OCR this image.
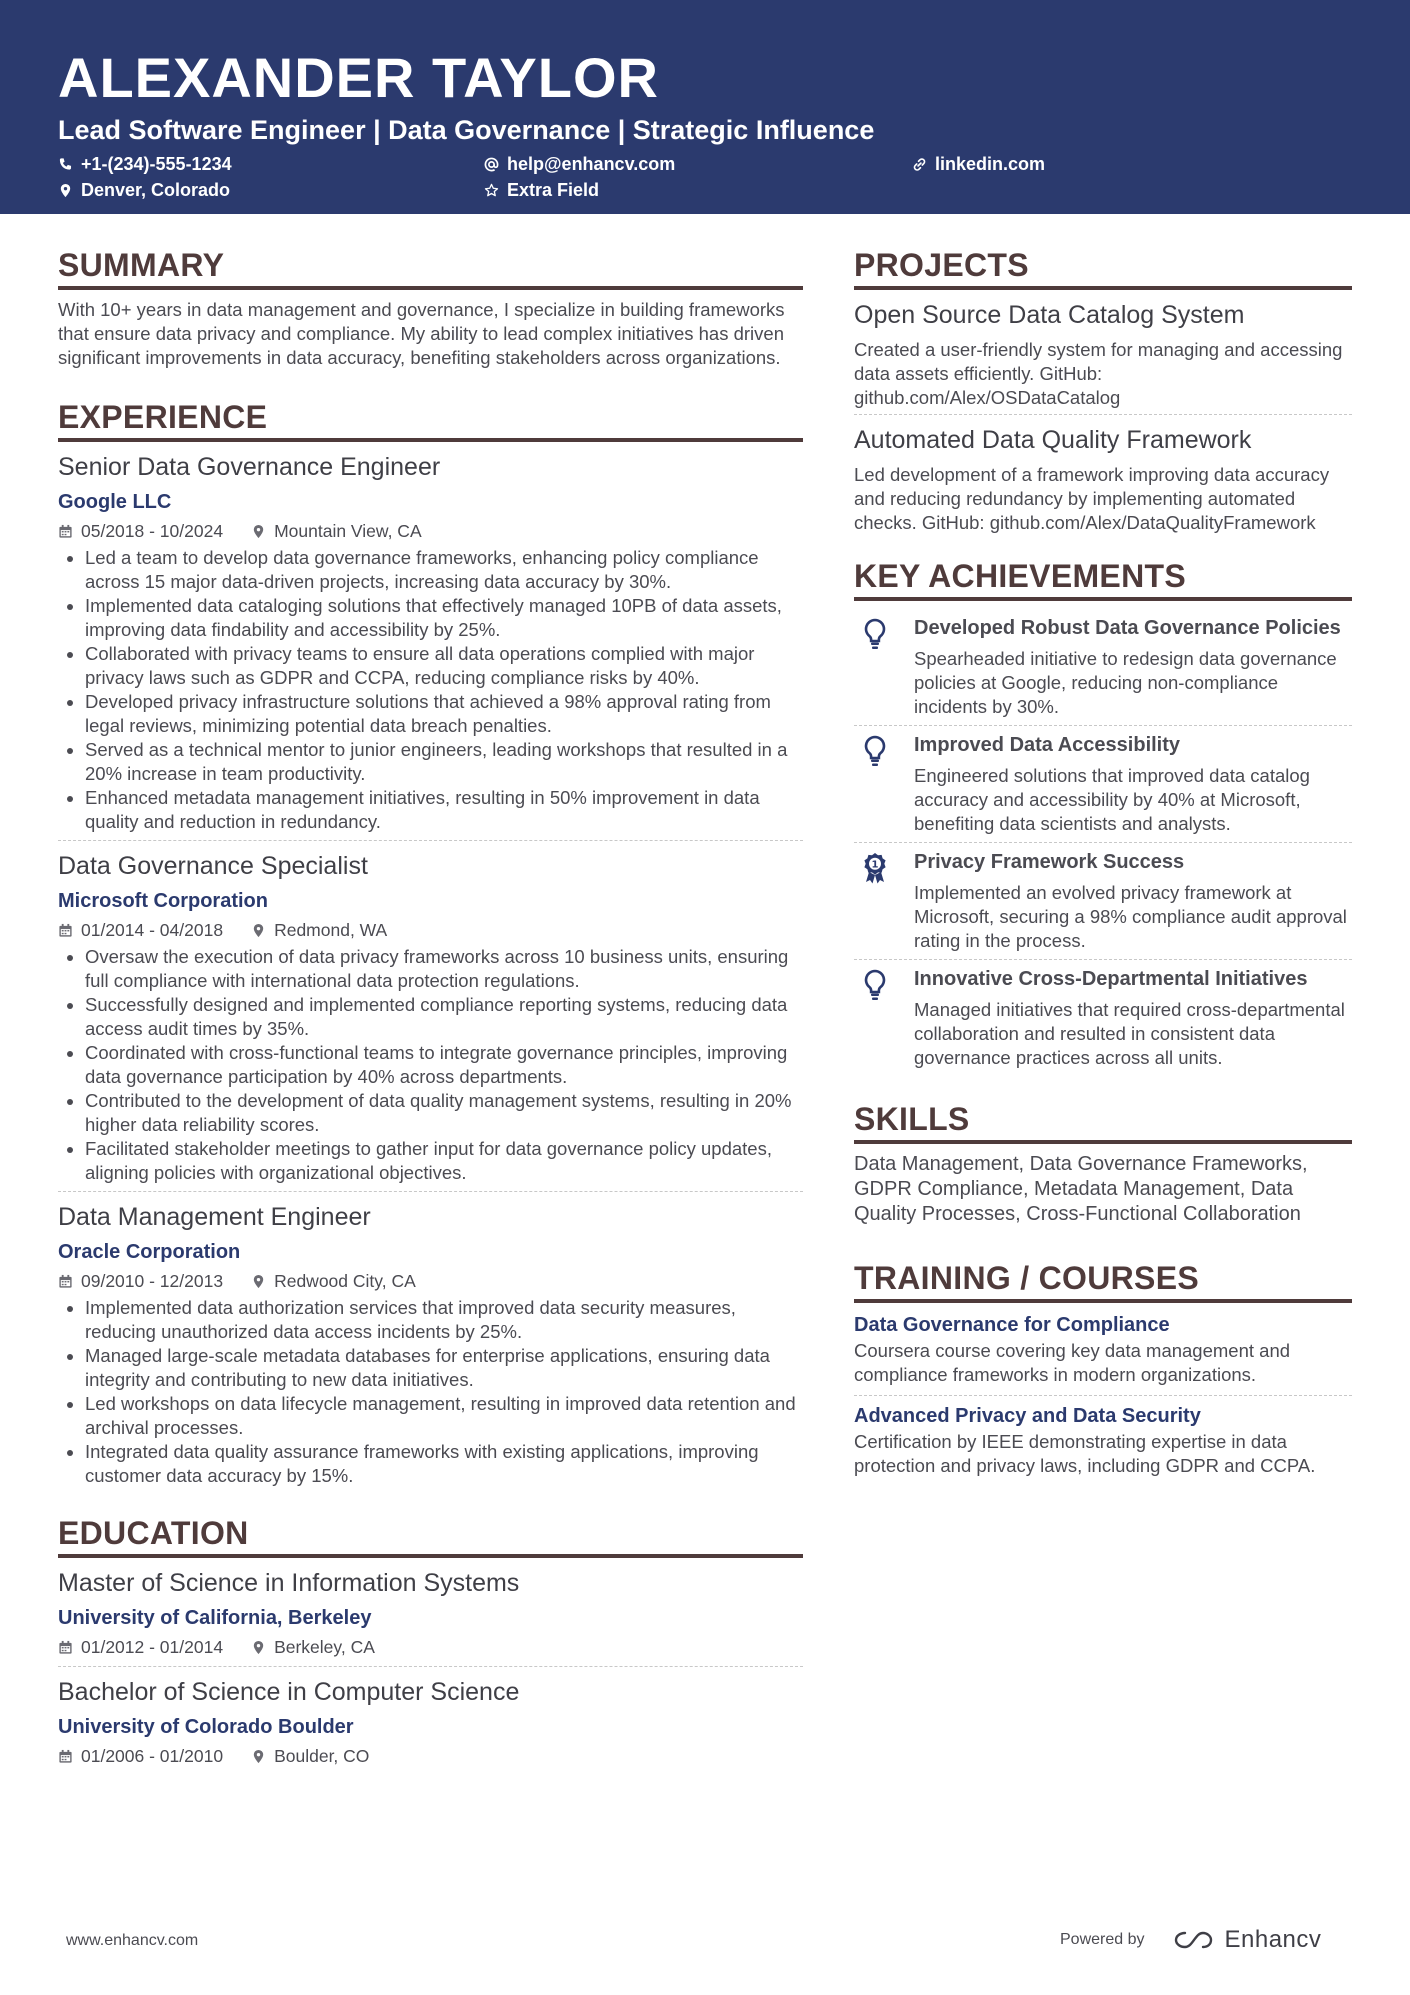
ALEXANDER TAYLOR
Lead Software Engineer | Data Governance | Strategic Influence
+1-(234)-555-1234	help@enhancv.com	linkedin.com
Denver, Colorado	Extra Field
SUMMARY
With 10+ years in data management and governance, I specialize in building frameworks that ensure data privacy and compliance. My ability to lead complex initiatives has driven significant improvements in data accuracy, benefiting stakeholders across organizations.
EXPERIENCE
Senior Data Governance Engineer
Google LLC
05/2018 - 10/2024	Mountain View, CA
Led a team to develop data governance frameworks, enhancing policy compliance across 15 major data-driven projects, increasing data accuracy by 30%.
Implemented data cataloging solutions that effectively managed 10PB of data assets, improving data findability and accessibility by 25%.
Collaborated with privacy teams to ensure all data operations complied with major privacy laws such as GDPR and CCPA, reducing compliance risks by 40%.
Developed privacy infrastructure solutions that achieved a 98% approval rating from legal reviews, minimizing potential data breach penalties.
Served as a technical mentor to junior engineers, leading workshops that resulted in a 20% increase in team productivity.
Enhanced metadata management initiatives, resulting in 50% improvement in data quality and reduction in redundancy.
Data Governance Specialist
Microsoft Corporation
01/2014 - 04/2018	Redmond, WA
Oversaw the execution of data privacy frameworks across 10 business units, ensuring full compliance with international data protection regulations.
Successfully designed and implemented compliance reporting systems, reducing data access audit times by 35%.
Coordinated with cross-functional teams to integrate governance principles, improving data governance participation by 40% across departments.
Contributed to the development of data quality management systems, resulting in 20% higher data reliability scores.
Facilitated stakeholder meetings to gather input for data governance policy updates, aligning policies with organizational objectives.
Data Management Engineer
Oracle Corporation
09/2010 - 12/2013	Redwood City, CA
Implemented data authorization services that improved data security measures, reducing unauthorized data access incidents by 25%.
Managed large-scale metadata databases for enterprise applications, ensuring data integrity and contributing to new data initiatives.
Led workshops on data lifecycle management, resulting in improved data retention and archival processes.
Integrated data quality assurance frameworks with existing applications, improving customer data accuracy by 15%.
EDUCATION
Master of Science in Information Systems
University of California, Berkeley
01/2012 - 01/2014	Berkeley, CA
Bachelor of Science in Computer Science
University of Colorado Boulder
01/2006 - 01/2010	Boulder, CO
PROJECTS
Open Source Data Catalog System
Created a user-friendly system for managing and accessing data assets efficiently. GitHub: github.com/Alex/OSDataCatalog
Automated Data Quality Framework
Led development of a framework improving data accuracy and reducing redundancy by implementing automated checks. GitHub: github.com/Alex/DataQualityFramework
KEY ACHIEVEMENTS
Developed Robust Data Governance Policies
Spearheaded initiative to redesign data governance policies at Google, reducing non-compliance incidents by 30%.
Improved Data Accessibility
Engineered solutions that improved data catalog accuracy and accessibility by 40% at Microsoft, benefiting data scientists and analysts.
1 Privacy Framework Success
Implemented an evolved privacy framework at Microsoft, securing a 98% compliance audit approval rating in the process.
Innovative Cross-Departmental Initiatives
Managed initiatives that required cross-departmental collaboration and resulted in consistent data governance practices across all units.
SKILLS
Data Management, Data Governance Frameworks, GDPR Compliance, Metadata Management, Data Quality Processes, Cross-Functional Collaboration
TRAINING / COURSES
Data Governance for Compliance
Coursera course covering key data management and compliance frameworks in modern organizations.
Advanced Privacy and Data Security
Certification by IEEE demonstrating expertise in data protection and privacy laws, including GDPR and CCPA.
www.enhancv.com	Powered by	Enhancv
